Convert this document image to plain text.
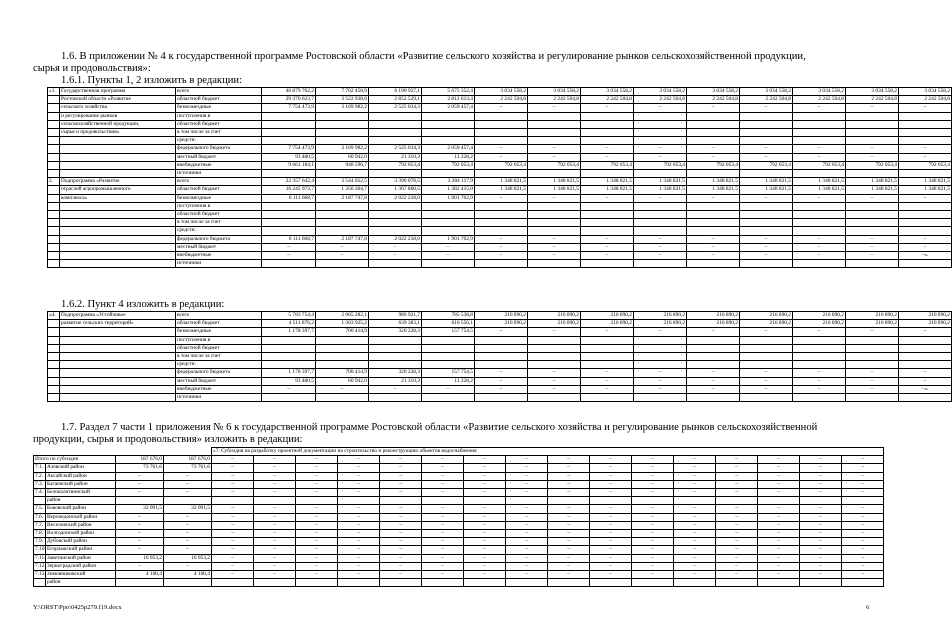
1.6. В приложении № 4 к государственной программе Ростовской области «Развитие сельского хозяйства и регулирование рынков сельскохозяйственной продукции,
сырья и продовольствия»:
1.6.1. Пункты 1, 2 изложить в редакции:
«1.	Государственная программа	всего	46 879 762,2	7 702 458,9	6 190 927,1	5 675 352,4	3 034 558,2	3 034 558,2	3 034 558,2	3 034 558,2	3 034 558,2	3 034 558,2	3 034 558,2	3 034 558,2	3 034 558,2
	Ростовской области «Развитие	областной бюджет	29 370 623,7	3 522 938,0	2 852 529,1	2 812 613,4	2 242 504,8	2 242 504,8	2 242 504,8	2 242 504,8	2 242 504,8	2 242 504,8	2 242 504,8	2 242 504,8	2 242 504,8
	сельского хозяйства	безвозмездные	7 754 473,9	3 169 982,2	2 525 034,3	2 059 457,4	–	–	–	–	–	–	–	–	–
	и регулирование рынков	поступления в													
	сельскохозяйственной продукции,	областной бюджет													
	сырья и продовольствия»	в том числе за счет													
		средств:													
		федерального бюджета	7 754 473,9	3 169 982,2	2 525 034,3	2 059 457,4	–	–	–	–	–	–	–	–	–
		местный бюджет	93 480,5	60 942,0	21 310,3	11 228,2	–	–	–	–	–	–	–	–	–
		внебюджетные	9 661 184,1	948 596,7	792 053,4	792 053,4	792 053,4	792 053,4	792 053,4	792 053,4	792 053,4	792 053,4	792 053,4	792 053,4	792 053,4
		источники													
2.	Подпрограмма «Развитие	всего	22 357 642,4	3 544 052,5	3 390 078,5	3 284 117,9	1 348 821,5	1 348 821,5	1 348 821,5	1 348 821,5	1 348 821,5	1 348 821,5	1 348 821,5	1 348 821,5	1 348 821,5
	отраслей агропромышленного	областной бюджет	16 245 973,7	1 356 304,7	1 367 860,5	1 382 415,0	1 348 821,5	1 348 821,5	1 348 821,5	1 348 821,5	1 348 821,5	1 348 821,5	1 348 821,5	1 348 821,5	1 348 821,5
	комплекса»	безвозмездные	6 111 668,7	2 187 747,8	2 022 218,0	1 901 702,9	–	–	–	–	–	–	–	–	–
		поступления в													
		областной бюджет													
		в том числе за счет													
		средств:													
		федерального бюджета	6 111 668,7	2 187 747,8	2 022 218,0	1 901 702,9	–	–	–	–	–	–	–	–	–
		местный бюджет	–	–	–	–	–	–	–	–	–	–	–	–	–
		внебюджетные	–	–	–	–	–	–	–	–	–	–	–	–	–».
		источники													
1.6.2. Пункт 4 изложить в редакции:
«4.	Подпрограмма «Устойчивое	всего	5 783 754,4	2 065 282,1	980 921,7	785 538,8	216 890,2	216 890,2	216 890,2	216 890,2	216 890,2	216 890,2	216 890,2	216 890,2	216 890,2
	развитие сельских территорий»	областной бюджет	4 511 876,2	1 303 925,2	639 383,1	616 556,1	216 890,2	216 890,2	216 890,2	216 890,2	216 890,2	216 890,2	216 890,2	216 890,2	216 890,2
		безвозмездные	1 178 397,7	700 414,9	320 228,3	157 754,5	–	–	–	–	–	–	–	–	–
		поступления в													
		областной бюджет													
		в том числе за счет													
		средств:													
		федерального бюджета	1 178 397,7	700 414,9	320 228,3	157 754,5	–	–	–	–	–	–	–	–	–
		местный бюджет	93 480,5	60 942,0	21 310,3	11 228,2	–	–	–	–	–	–	–	–	–
		внебюджетные	–	–	–	–	–	–	–	–	–	–	–	–	–».
		источники													
1.7. Раздел 7 части 1 приложения № 6 к государственной программе Ростовской области «Развитие сельского хозяйства и регулирование рынков сельскохозяйственной
продукции, сырья и продовольствия» изложить в редакции:
				«7. Субсидия на разработку проектной документации на строительство и реконструкцию объектов водоснабжения															
Итого по субсидии		187 676,0	187 676,0	–	–	–	–	–	–	–	–	–	–	–	–	–	–	–	–
7.1.	Азовский район	73 761,6	73 761,6	–	–	–	–	–	–	–	–	–	–	–	–	–	–	–	–
7.2.	Аксайский район	–	–	–	–	–	–	–	–	–	–	–	–	–	–	–	–	–	–
7.3.	Багаевский район	–	–	–	–	–	–	–	–	–	–	–	–	–	–	–	–	–	–
7.4.	Белокалитвинский	–	–	–	–	–	–	–	–	–	–	–	–	–	–	–	–	–	–
	район																		
7.5.	Боковский район	32 091,5	32 091,5	–	–	–	–	–	–	–	–	–	–	–	–	–	–	–	–
7.6.	Верхнедонской район	–	–	–	–	–	–	–	–	–	–	–	–	–	–	–	–	–	–
7.7.	Веселовский район	–	–	–	–	–	–	–	–	–	–	–	–	–	–	–	–	–	–
7.8.	Волгодонской район	–	–	–	–	–	–	–	–	–	–	–	–	–	–	–	–	–	–
7.9.	Дубовский район	–	–	–	–	–	–	–	–	–	–	–	–	–	–	–	–	–	–
7.10.	Егорлыкский район	–	–	–	–	–	–	–	–	–	–	–	–	–	–	–	–	–	–
7.11.	Заветинский район	16 953,2	16 953,2	–	–	–	–	–	–	–	–	–	–	–	–	–	–	–	–
7.12.	Зерноградский район	–	–	–	–	–	–	–	–	–	–	–	–	–	–	–	–	–	–
7.13.	Зимовниковский	4 100,4	4 100,4	–	–	–	–	–	–	–	–	–	–	–	–	–	–	–	–
	район																		
Y:\ORST\Ppo\0425p279.f19.docx	6
